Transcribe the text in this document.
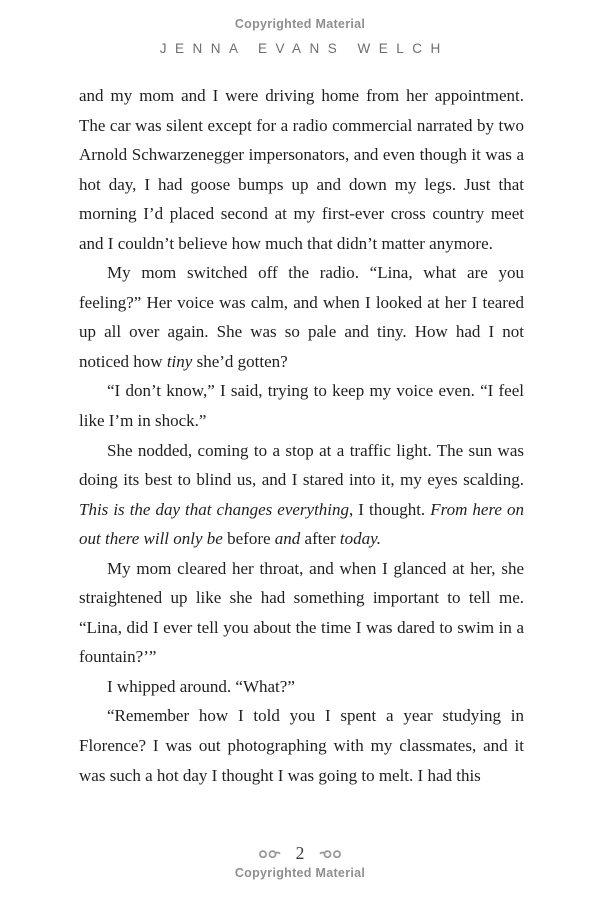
Copyrighted Material
JENNA EVANS WELCH

and my mom and I were driving home from her appointment. The car was silent except for a radio commercial narrated by two Arnold Schwarzenegger impersonators, and even though it was a hot day, I had goose bumps up and down my legs. Just that morning I’d placed second at my first-ever cross country meet and I couldn’t believe how much that didn’t matter anymore.

My mom switched off the radio. “Lina, what are you feeling?” Her voice was calm, and when I looked at her I teared up all over again. She was so pale and tiny. How had I not noticed how tiny she’d gotten?

“I don’t know,” I said, trying to keep my voice even. “I feel like I’m in shock.”

She nodded, coming to a stop at a traffic light. The sun was doing its best to blind us, and I stared into it, my eyes scalding. This is the day that changes everything, I thought. From here on out there will only be before and after today.

My mom cleared her throat, and when I glanced at her, she straightened up like she had something important to tell me. “Lina, did I ever tell you about the time I was dared to swim in a fountain?’”

I whipped around. “What?”

“Remember how I told you I spent a year studying in Florence? I was out photographing with my classmates, and it was such a hot day I thought I was going to melt. I had this

2
Copyrighted Material
